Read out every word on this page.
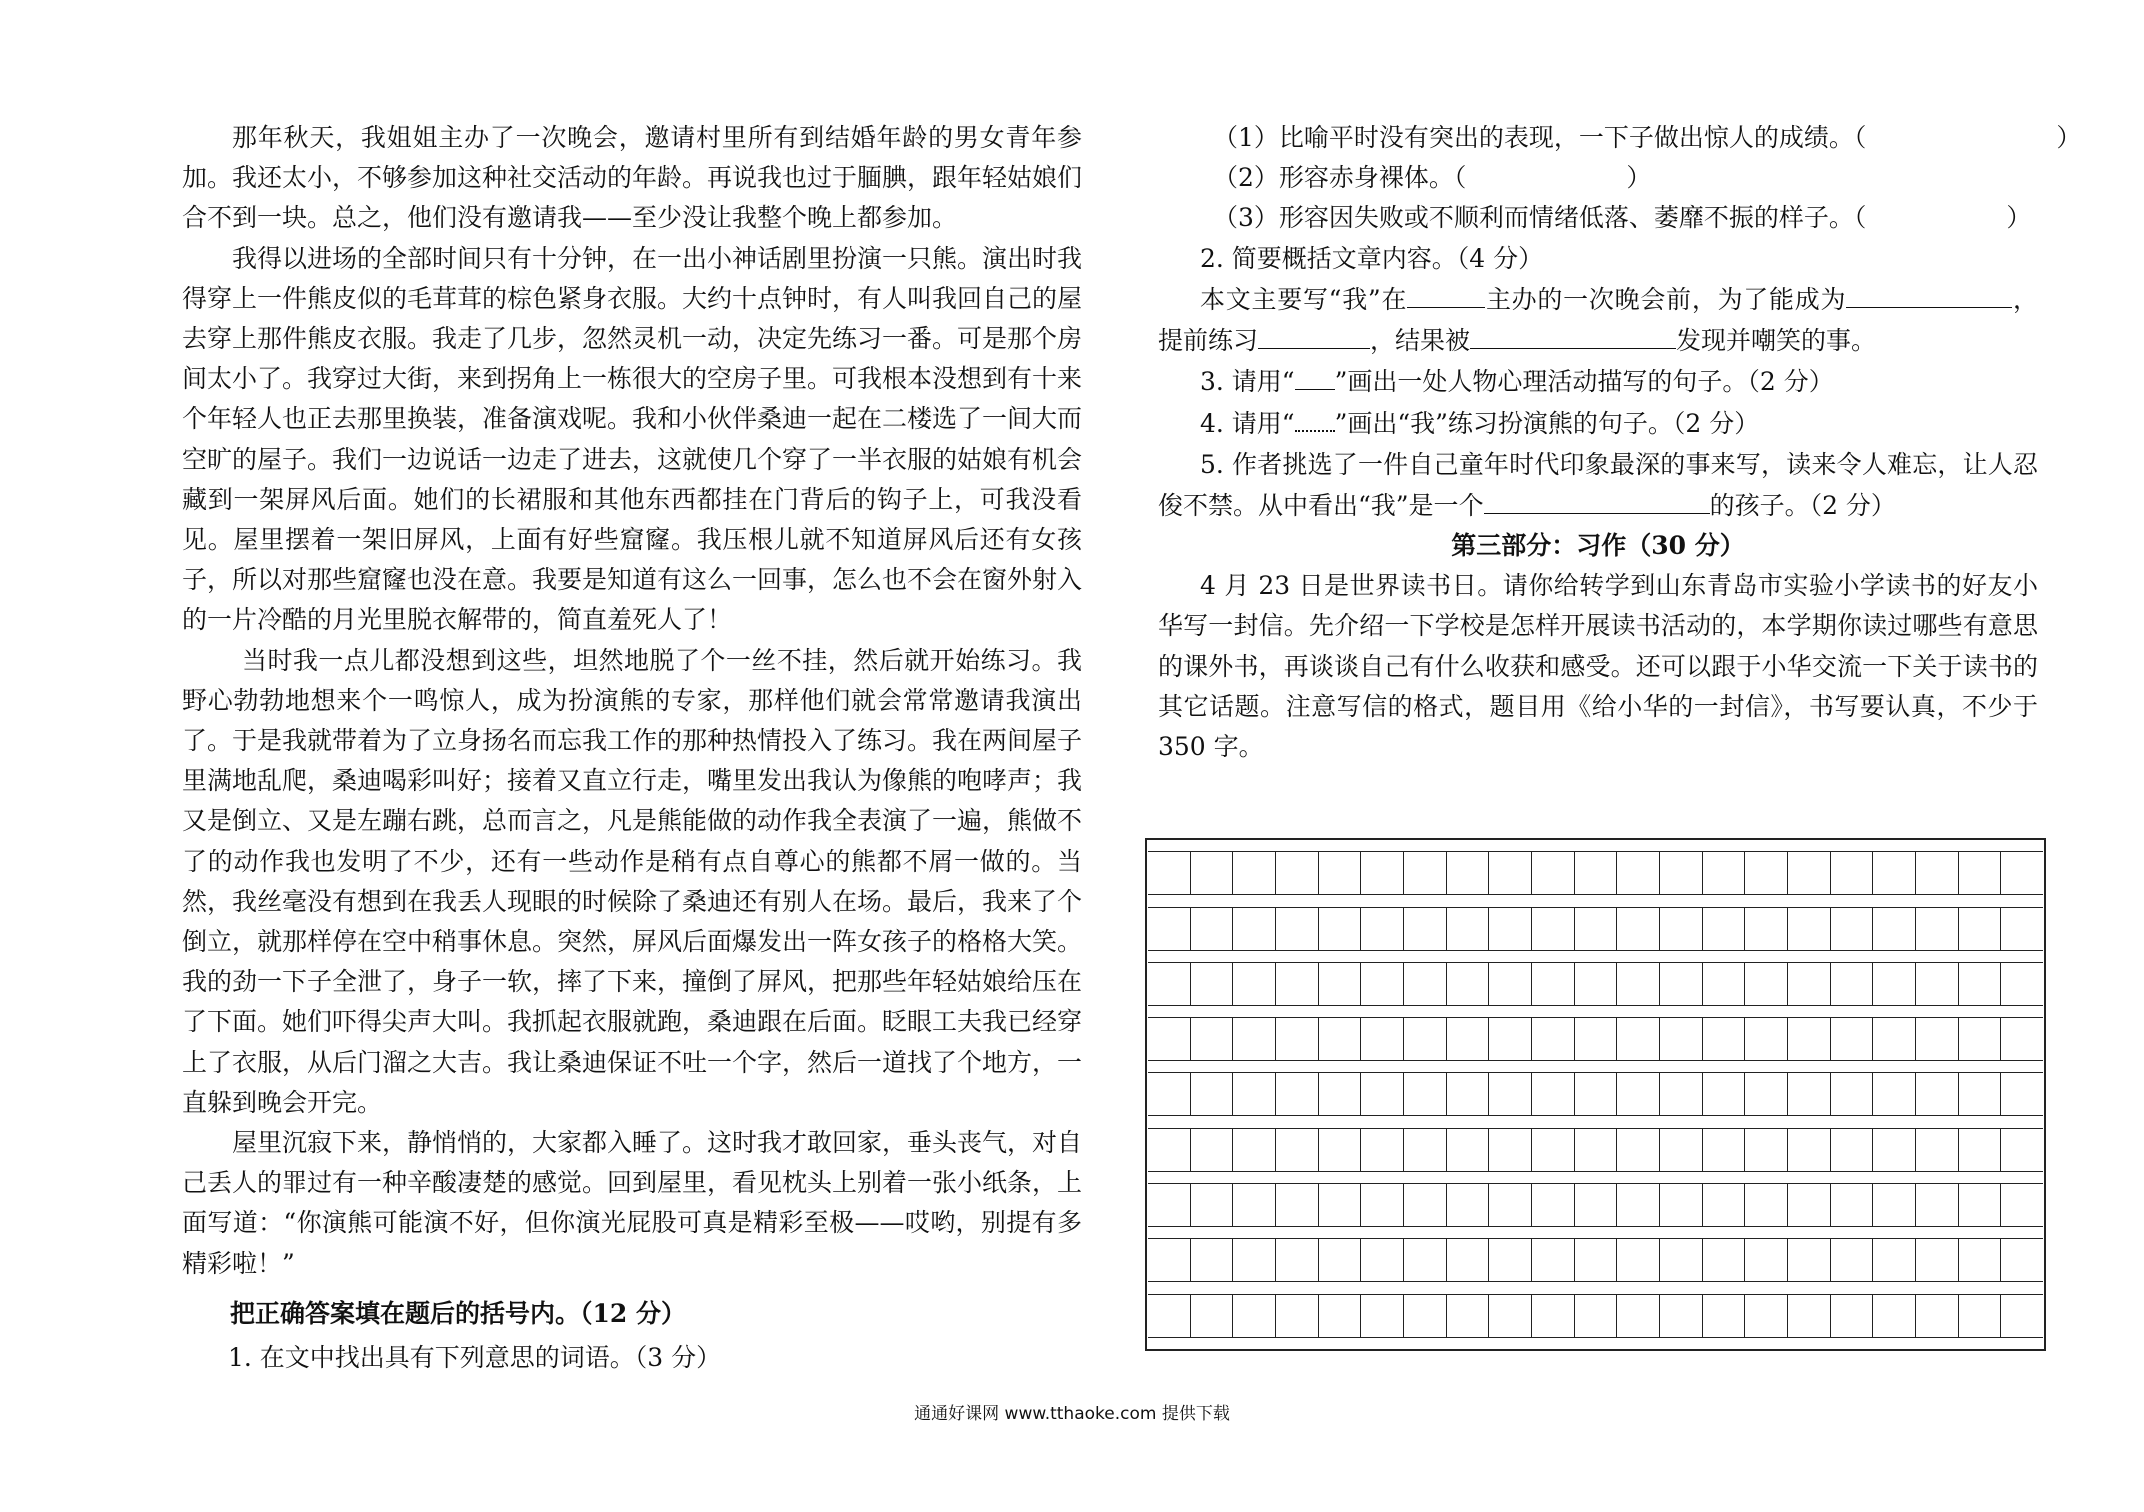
那年秋天，我姐姐主办了一次晚会，邀请村里所有到结婚年龄的男女青年参加。我还太小，不够参加这种社交活动的年龄。再说我也过于腼腆，跟年轻姑娘们合不到一块。总之，他们没有邀请我——至少没让我整个晚上都参加。

我得以进场的全部时间只有十分钟，在一出小神话剧里扮演一只熊。演出时我得穿上一件熊皮似的毛茸茸的棕色紧身衣服。大约十点钟时，有人叫我回自己的屋去穿上那件熊皮衣服。我走了几步，忽然灵机一动，决定先练习一番。可是那个房间太小了。我穿过大街，来到拐角上一栋很大的空房子里。可我根本没想到有十来个年轻人也正去那里换装，准备演戏呢。我和小伙伴桑迪一起在二楼选了一间大而空旷的屋子。我们一边说话一边走了进去，这就使几个穿了一半衣服的姑娘有机会藏到一架屏风后面。她们的长裙服和其他东西都挂在门背后的钩子上，可我没看见。屋里摆着一架旧屏风，上面有好些窟窿。我压根儿就不知道屏风后还有女孩子，所以对那些窟窿也没在意。我要是知道有这么一回事，怎么也不会在窗外射入的一片冷酷的月光里脱衣解带的，简直羞死人了！

当时我一点儿都没想到这些，坦然地脱了个一丝不挂，然后就开始练习。我野心勃勃地想来个一鸣惊人，成为扮演熊的专家，那样他们就会常常邀请我演出了。于是我就带着为了立身扬名而忘我工作的那种热情投入了练习。我在两间屋子里满地乱爬，桑迪喝彩叫好；接着又直立行走，嘴里发出我认为像熊的咆哮声；我又是倒立、又是左蹦右跳，总而言之，凡是熊能做的动作我全表演了一遍，熊做不了的动作我也发明了不少，还有一些动作是稍有点自尊心的熊都不屑一做的。当然，我丝毫没有想到在我丢人现眼的时候除了桑迪还有别人在场。最后，我来了个倒立，就那样停在空中稍事休息。突然，屏风后面爆发出一阵女孩子的格格大笑。我的劲一下子全泄了，身子一软，摔了下来，撞倒了屏风，把那些年轻姑娘给压在了下面。她们吓得尖声大叫。我抓起衣服就跑，桑迪跟在后面。眨眼工夫我已经穿上了衣服，从后门溜之大吉。我让桑迪保证不吐一个字，然后一道找了个地方，一直躲到晚会开完。

屋里沉寂下来，静悄悄的，大家都入睡了。这时我才敢回家，垂头丧气，对自己丢人的罪过有一种辛酸凄楚的感觉。回到屋里，看见枕头上别着一张小纸条，上面写道：“你演熊可能演不好，但你演光屁股可真是精彩至极——哎哟，别提有多精彩啦！”

把正确答案填在题后的括号内。（12 分）

1. 在文中找出具有下列意思的词语。（3 分）

（1）比喻平时没有突出的表现，一下子做出惊人的成绩。（	）

（2）形容赤身裸体。（	）

（3）形容因失败或不顺利而情绪低落、萎靡不振的样子。（	）

2. 简要概括文章内容。（4 分）

本文主要写“我”在	主办的一次晚会前，为了能成为	，提前练习	，结果被	发现并嘲笑的事。

3. 请用“ ”画出一处人物心理活动描写的句子。（2 分）

4. 请用“ ”画出“我”练习扮演熊的句子。（2 分）

5. 作者挑选了一件自己童年时代印象最深的事来写，读来令人难忘，让人忍俊不禁。从中看出“我”是一个	的孩子。（2 分）

第三部分：习作（30 分）

4 月 23 日是世界读书日。请你给转学到山东青岛市实验小学读书的好友小华写一封信。先介绍一下学校是怎样开展读书活动的，本学期你读过哪些有意思的课外书，再谈谈自己有什么收获和感受。还可以跟于小华交流一下关于读书的其它话题。注意写信的格式，题目用《给小华的一封信》，书写要认真，不少于 350 字。

通通好课网 www.tthaoke.com 提供下载
